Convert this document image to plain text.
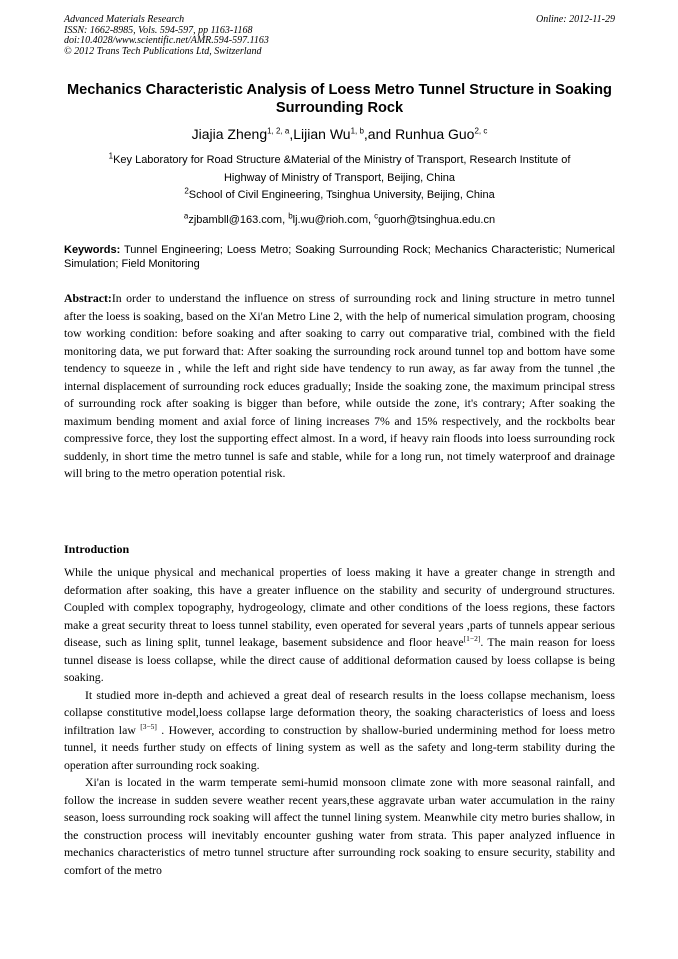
Advanced Materials Research
ISSN: 1662-8985, Vols. 594-597, pp 1163-1168
doi:10.4028/www.scientific.net/AMR.594-597.1163
© 2012 Trans Tech Publications Ltd, Switzerland
Online: 2012-11-29
Mechanics Characteristic Analysis of Loess Metro Tunnel Structure in Soaking Surrounding Rock
Jiajia Zheng$^{1, 2, a}$,Lijian Wu$^{1, b}$,and Runhua Guo$^{2, c}$
$^1$Key Laboratory for Road Structure &Material of the Ministry of Transport, Research Institute of
Highway of Ministry of Transport, Beijing, China
$^2$School of Civil Engineering, Tsinghua University, Beijing, China
$^a$zjbambll@163.com, $^b$lj.wu@rioh.com, $^c$guorh@tsinghua.edu.cn
Keywords: Tunnel Engineering; Loess Metro; Soaking Surrounding Rock; Mechanics Characteristic; Numerical Simulation; Field Monitoring
Abstract:In order to understand the influence on stress of surrounding rock and lining structure in metro tunnel after the loess is soaking, based on the Xi'an Metro Line 2, with the help of numerical simulation program, choosing tow working condition: before soaking and after soaking to carry out comparative trial, combined with the field monitoring data, we put forward that: After soaking the surrounding rock around tunnel top and bottom have some tendency to squeeze in , while the left and right side have tendency to run away, as far away from the tunnel ,the internal displacement of surrounding rock educes gradually; Inside the soaking zone, the maximum principal stress of surrounding rock after soaking is bigger than before, while outside the zone, it's contrary; After soaking the maximum bending moment and axial force of lining increases 7% and 15% respectively, and the rockbolts bear compressive force, they lost the supporting effect almost. In a word, if heavy rain floods into loess surrounding rock suddenly, in short time the metro tunnel is safe and stable, while for a long run, not timely waterproof and drainage will bring to the metro operation potential risk.
Introduction

While the unique physical and mechanical properties of loess making it have a greater change in strength and deformation after soaking, this have a greater influence on the stability and security of underground structures. Coupled with complex topography, hydrogeology, climate and other conditions of the loess regions, these factors make a great security threat to loess tunnel stability, even operated for several years ,parts of tunnels appear serious disease, such as lining split, tunnel leakage, basement subsidence and floor heave[1−2]. The main reason for loess tunnel disease is loess collapse, while the direct cause of additional deformation caused by loess collapse is being soaking.

It studied more in-depth and achieved a great deal of research results in the loess collapse mechanism, loess collapse constitutive model,loess collapse large deformation theory, the soaking characteristics of loess and loess infiltration law [3−5] . However, according to construction by shallow-buried undermining method for loess metro tunnel, it needs further study on effects of lining system as well as the safety and long-term stability during the operation after surrounding rock soaking.

Xi'an is located in the warm temperate semi-humid monsoon climate zone with more seasonal rainfall, and follow the increase in sudden severe weather recent years,these aggravate urban water accumulation in the rainy season, loess surrounding rock soaking will affect the tunnel lining system. Meanwhile city metro buries shallow, in the construction process will inevitably encounter gushing water from strata. This paper analyzed influence in mechanics characteristics of metro tunnel structure after surrounding rock soaking to ensure security, stability and comfort of the metro
